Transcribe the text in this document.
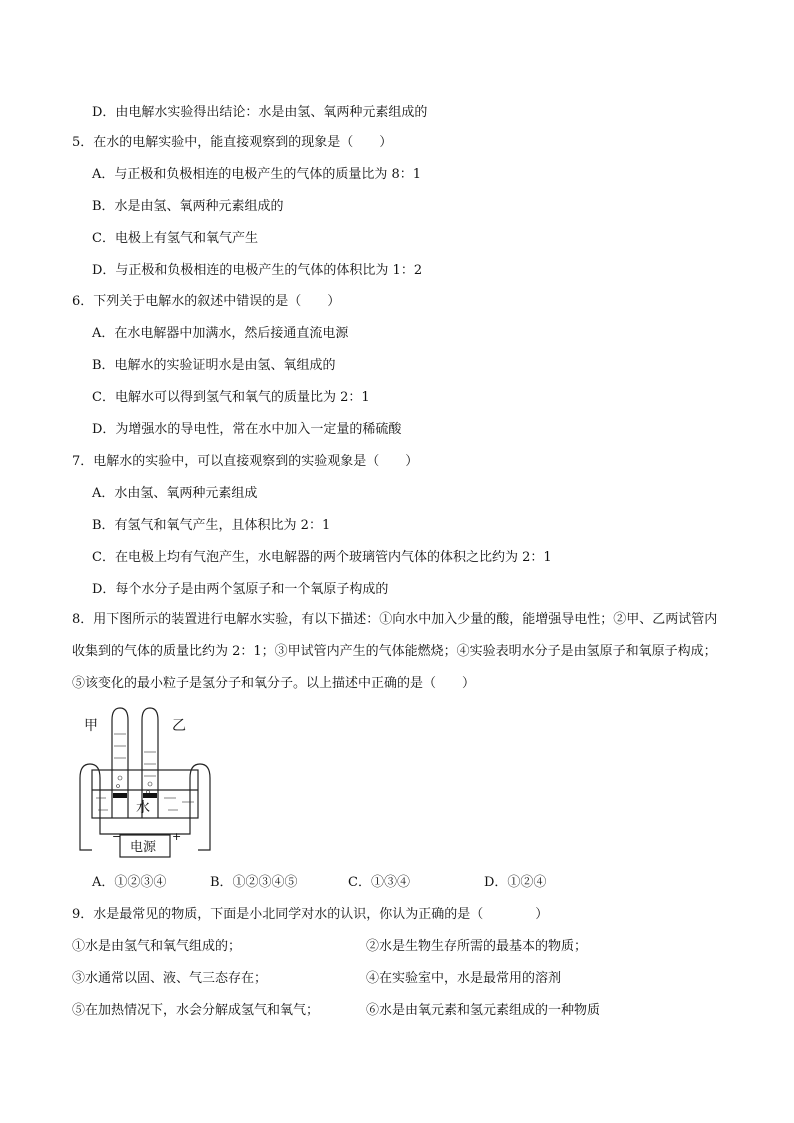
D．由电解水实验得出结论：水是由氢、氧两种元素组成的
5．在水的电解实验中，能直接观察到的现象是（　　）
A．与正极和负极相连的电极产生的气体的质量比为 8：1
B．水是由氢、氧两种元素组成的
C．电极上有氢气和氧气产生
D．与正极和负极相连的电极产生的气体的体积比为 1：2
6．下列关于电解水的叙述中错误的是（　　）
A．在水电解器中加满水，然后接通直流电源
B．电解水的实验证明水是由氢、氧组成的
C．电解水可以得到氢气和氧气的质量比为 2：1
D．为增强水的导电性，常在水中加入一定量的稀硫酸
7．电解水的实验中，可以直接观察到的实验观象是（　　）
A．水由氢、氧两种元素组成
B．有氢气和氧气产生，且体积比为 2：1
C．在电极上均有气泡产生，水电解器的两个玻璃管内气体的体积之比约为 2：1
D．每个水分子是由两个氢原子和一个氧原子构成的
8．用下图所示的装置进行电解水实验，有以下描述：①向水中加入少量的酸，能增强导电性；②甲、乙两试管内收集到的气体的质量比约为 2：1；③甲试管内产生的气体能燃烧；④实验表明水分子是由氢原子和氧原子构成；⑤该变化的最小粒子是氢分子和氧分子。以上描述中正确的是（　　）
甲	乙
水
−	+
电源
A．①②③④	B．①②③④⑤	C．①③④	D．①②④
9．水是最常见的物质，下面是小北同学对水的认识，你认为正确的是（　　　　）
①水是由氢气和氧气组成的；	②水是生物生存所需的最基本的物质；
③水通常以固、液、气三态存在；	④在实验室中，水是最常用的溶剂
⑤在加热情况下，水会分解成氢气和氧气；	⑥水是由氧元素和氢元素组成的一种物质
